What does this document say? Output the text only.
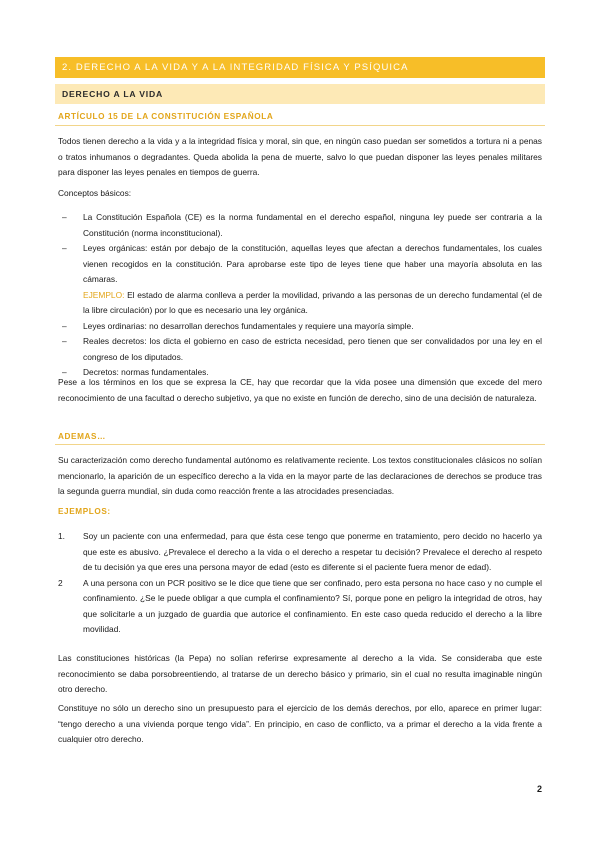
2. DERECHO A LA VIDA Y A LA INTEGRIDAD FÍSICA Y PSÍQUICA
DERECHO A LA VIDA
ARTÍCULO 15 DE LA CONSTITUCIÓN ESPAÑOLA

Todos tienen derecho a la vida y a la integridad física y moral, sin que, en ningún caso puedan ser sometidos a tortura ni a penas o tratos inhumanos o degradantes. Queda abolida la pena de muerte, salvo lo que puedan disponer las leyes penales militares para disponer las leyes penales en tiempos de guerra.

Conceptos básicos:

– La Constitución Española (CE) es la norma fundamental en el derecho español, ninguna ley puede ser contraria a la Constitución (norma inconstitucional).
– Leyes orgánicas: están por debajo de la constitución, aquellas leyes que afectan a derechos fundamentales, los cuales vienen recogidos en la constitución. Para aprobarse este tipo de leyes tiene que haber una mayoría absoluta en las cámaras.
EJEMPLO: El estado de alarma conlleva a perder la movilidad, privando a las personas de un derecho fundamental (el de la libre circulación) por lo que es necesario una ley orgánica.
– Leyes ordinarias: no desarrollan derechos fundamentales y requiere una mayoría simple.
– Reales decretos: los dicta el gobierno en caso de estricta necesidad, pero tienen que ser convalidados por una ley en el congreso de los diputados.
– Decretos: normas fundamentales.

Pese a los términos en los que se expresa la CE, hay que recordar que la vida posee una dimensión que excede del mero reconocimiento de una facultad o derecho subjetivo, ya que no existe en función de derecho, sino de una decisión de naturaleza.

ADEMAS…

Su caracterización como derecho fundamental autónomo es relativamente reciente. Los textos constitucionales clásicos no solían mencionarlo, la aparición de un específico derecho a la vida en la mayor parte de las declaraciones de derechos se produce tras la segunda guerra mundial, sin duda como reacción frente a las atrocidades presenciadas.

EJEMPLOS:
1. Soy un paciente con una enfermedad, para que ésta cese tengo que ponerme en tratamiento, pero decido no hacerlo ya que este es abusivo. ¿Prevalece el derecho a la vida o el derecho a respetar tu decisión? Prevalece el derecho al respeto de tu decisión ya que eres una persona mayor de edad (esto es diferente si el paciente fuera menor de edad).
2 A una persona con un PCR positivo se le dice que tiene que ser confinado, pero esta persona no hace caso y no cumple el confinamiento. ¿Se le puede obligar a que cumpla el confinamiento? Sí, porque pone en peligro la integridad de otros, hay que solicitarle a un juzgado de guardia que autorice el confinamiento. En este caso queda reducido el derecho a la libre movilidad.

Las constituciones históricas (la Pepa) no solían referirse expresamente al derecho a la vida. Se consideraba que este reconocimiento se daba porsobreentiendo, al tratarse de un derecho básico y primario, sin el cual no resulta imaginable ningún otro derecho.

Constituye no sólo un derecho sino un presupuesto para el ejercicio de los demás derechos, por ello, aparece en primer lugar: “tengo derecho a una vivienda porque tengo vida”. En principio, en caso de conflicto, va a primar el derecho a la vida frente a cualquier otro derecho.

2
